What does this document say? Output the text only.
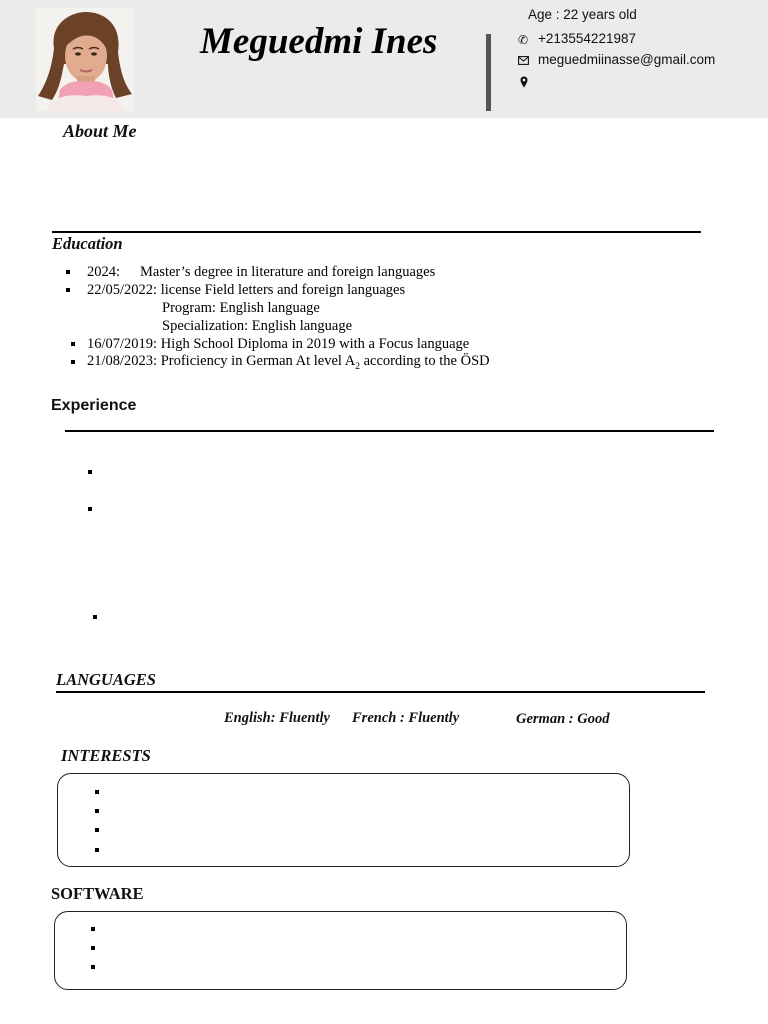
Meguedmi Ines
Age : 22 years old
✆ +213554221987
meguedmiinasse@gmail.com
About Me
Education
2024: Master’s degree in literature and foreign languages
22/05/2022: license Field letters and foreign languages
Program: English language
Specialization: English language
16/07/2019: High School Diploma in 2019 with a Focus language
21/08/2023: Proficiency in German At level $A_2$ according to the ÖSD
Experience
LANGUAGES
English: Fluently French : Fluently	German : Good
INTERESTS
SOFTWARE
